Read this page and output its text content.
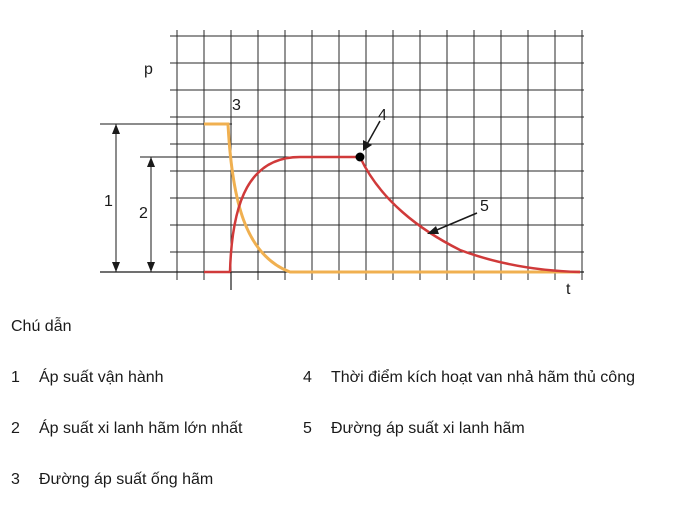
p
t
1
2
3
4
5
Chú dẫn
1 Áp suất vận hành
2 Áp suất xi lanh hãm lớn nhất
3 Đường áp suất ống hãm
4 Thời điểm kích hoạt van nhả hãm thủ công
5 Đường áp suất xi lanh hãm
